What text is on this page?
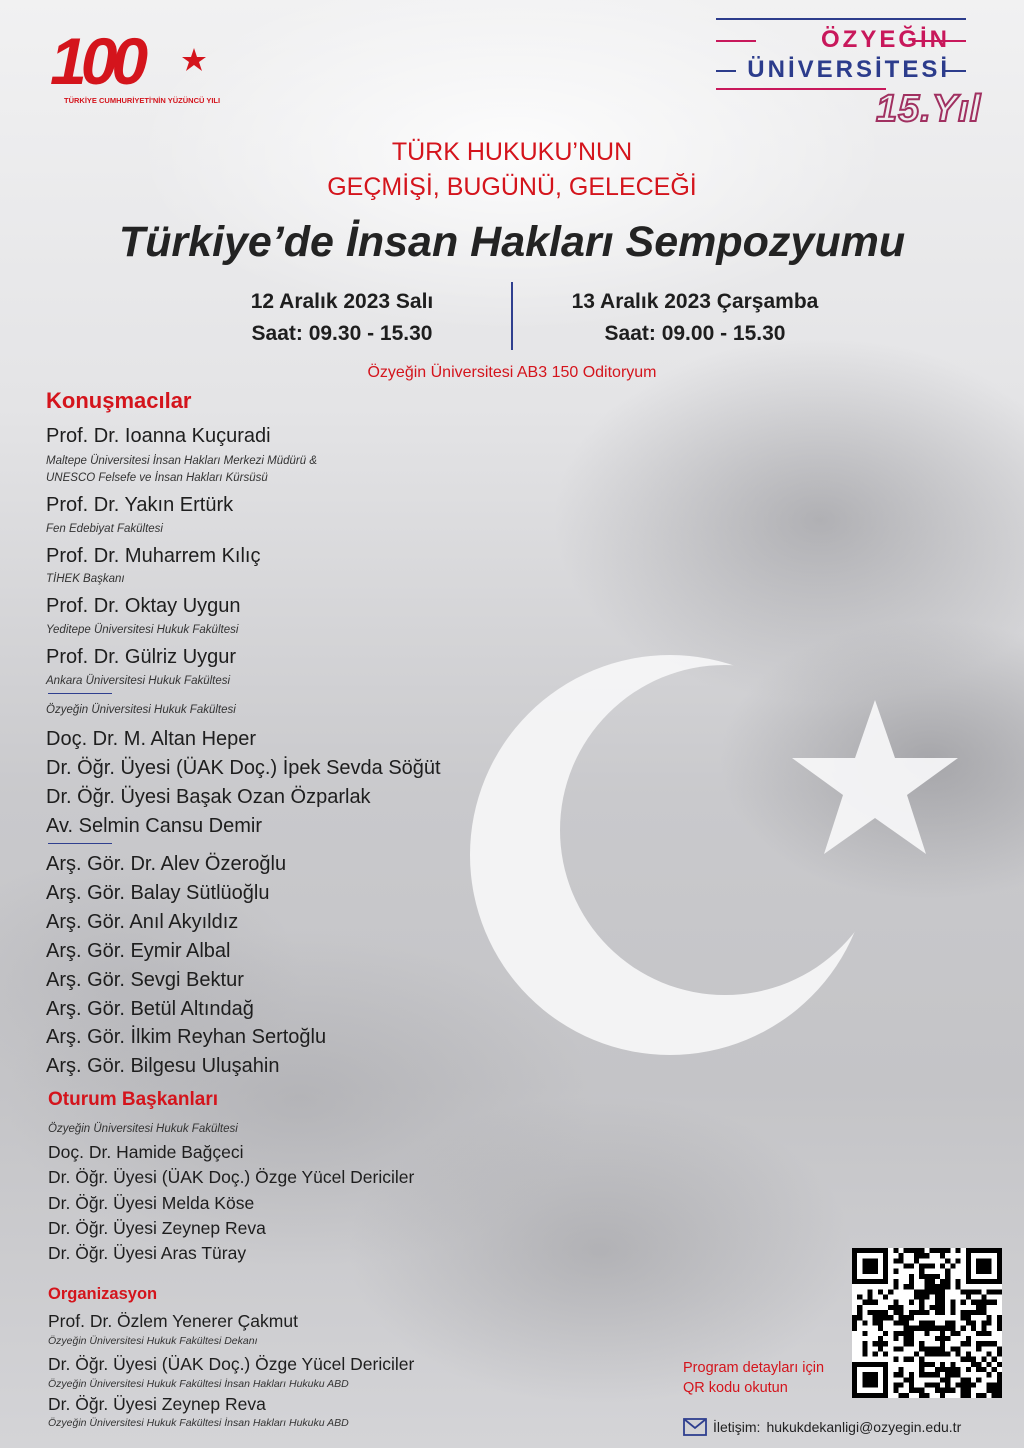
100
TÜRKİYE CUMHURİYETİ'NİN YÜZÜNCÜ YILI
ÖZYEĞİN
ÜNİVERSİTESİ
15.Yıl
TÜRK HUKUKU’NUN
GEÇMİŞİ, BUGÜNÜ, GELECEĞİ
Türkiye’de İnsan Hakları Sempozyumu
12 Aralık 2023 Salı
Saat: 09.30 - 15.30
13 Aralık 2023 Çarşamba
Saat: 09.00 - 15.30
Özyeğin Üniversitesi AB3 150 Oditoryum
Konuşmacılar
Prof. Dr. Ioanna Kuçuradi
Maltepe Üniversitesi İnsan Hakları Merkezi Müdürü &
UNESCO Felsefe ve İnsan Hakları Kürsüsü
Prof. Dr. Yakın Ertürk
Fen Edebiyat Fakültesi
Prof. Dr. Muharrem Kılıç
TİHEK Başkanı
Prof. Dr. Oktay Uygun
Yeditepe Üniversitesi Hukuk Fakültesi
Prof. Dr. Gülriz Uygur
Ankara Üniversitesi Hukuk Fakültesi
Özyeğin Üniversitesi Hukuk Fakültesi
Doç. Dr. M. Altan Heper
Dr. Öğr. Üyesi (ÜAK Doç.) İpek Sevda Söğüt
Dr. Öğr. Üyesi Başak Ozan Özparlak
Av. Selmin Cansu Demir
Arş. Gör. Dr. Alev Özeroğlu
Arş. Gör. Balay Sütlüoğlu
Arş. Gör. Anıl Akyıldız
Arş. Gör. Eymir Albal
Arş. Gör. Sevgi Bektur
Arş. Gör. Betül Altındağ
Arş. Gör. İlkim Reyhan Sertoğlu
Arş. Gör. Bilgesu Uluşahin
Oturum Başkanları
Özyeğin Üniversitesi Hukuk Fakültesi
Doç. Dr. Hamide Bağçeci
Dr. Öğr. Üyesi (ÜAK Doç.) Özge Yücel Dericiler
Dr. Öğr. Üyesi Melda Köse
Dr. Öğr. Üyesi Zeynep Reva
Dr. Öğr. Üyesi Aras Türay
Organizasyon
Prof. Dr. Özlem Yenerer Çakmut
Özyeğin Üniversitesi Hukuk Fakültesi Dekanı
Dr. Öğr. Üyesi (ÜAK Doç.) Özge Yücel Dericiler
Özyeğin Üniversitesi Hukuk Fakültesi İnsan Hakları Hukuku ABD
Dr. Öğr. Üyesi Zeynep Reva
Özyeğin Üniversitesi Hukuk Fakültesi İnsan Hakları Hukuku ABD
Program detayları için
QR kodu okutun
İletişim: hukukdekanligi@ozyegin.edu.tr
